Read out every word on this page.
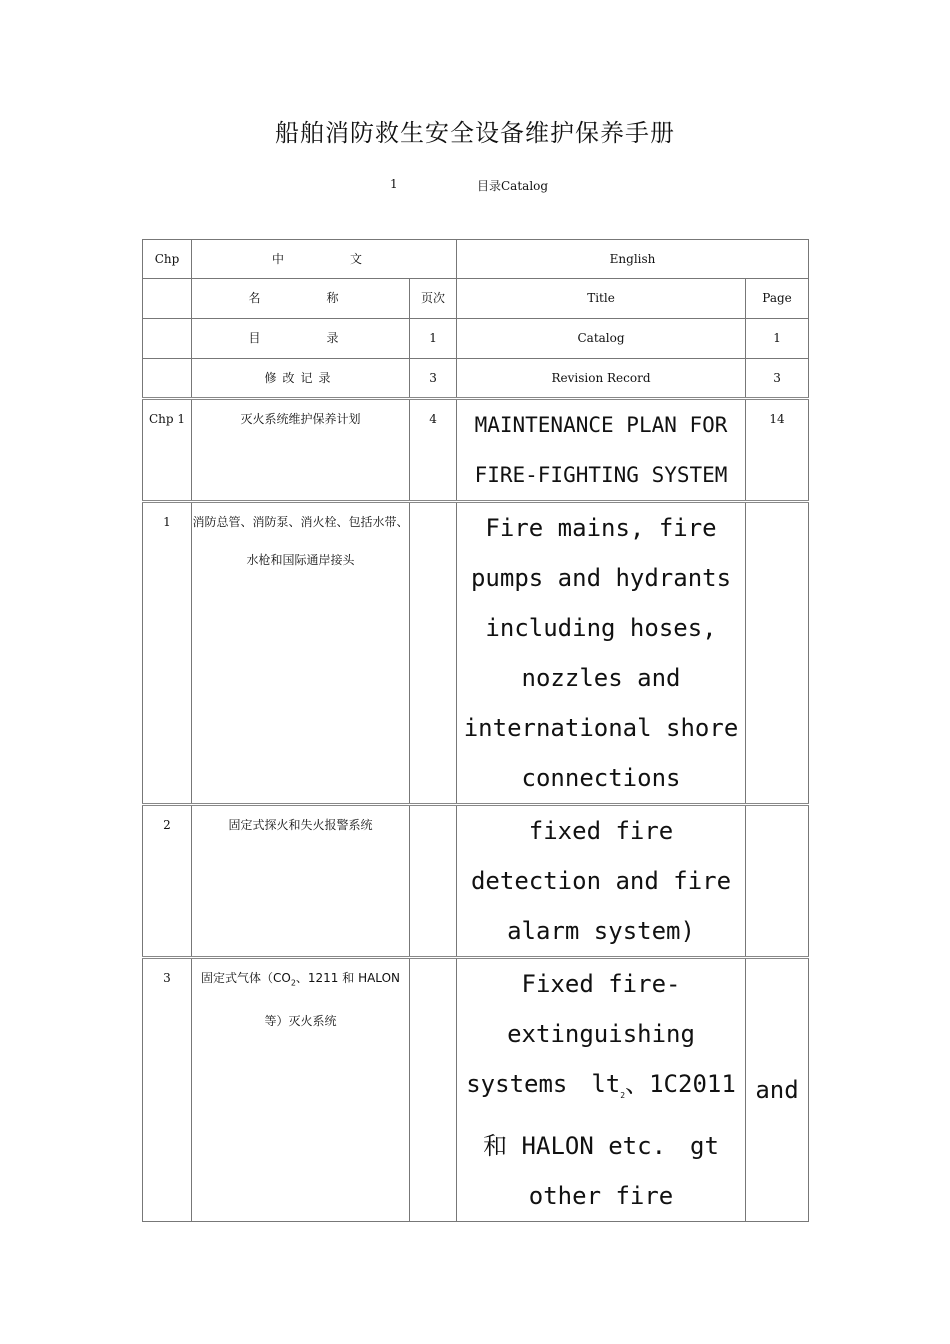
船舶消防救生安全设备维护保养手册
1	目录Catalog
Chp	中　　文		English	
	名　　称	页次	Title	Page
	目　　录	1	Catalog	1
	修改记录	3	Revision Record	3
Chp 1	灭火系统维护保养计划	4	MAINTENANCE PLAN FOR FIRE-FIGHTING SYSTEM	14
1	消防总管、消防泵、消火栓、包括水带、水枪和国际通岸接头		Fire mains, fire pumps and hydrants including hoses, nozzles and international shore connections	
2	固定式探火和失火报警系统		fixed fire detection and fire alarm system)	
3	固定式气体（$CO_2$、1211 和 HALON 等）灭火系统		Fixed fire-extinguishing systems　$lt_2$、1C2011 和 HALON etc.　gt other fire	and
